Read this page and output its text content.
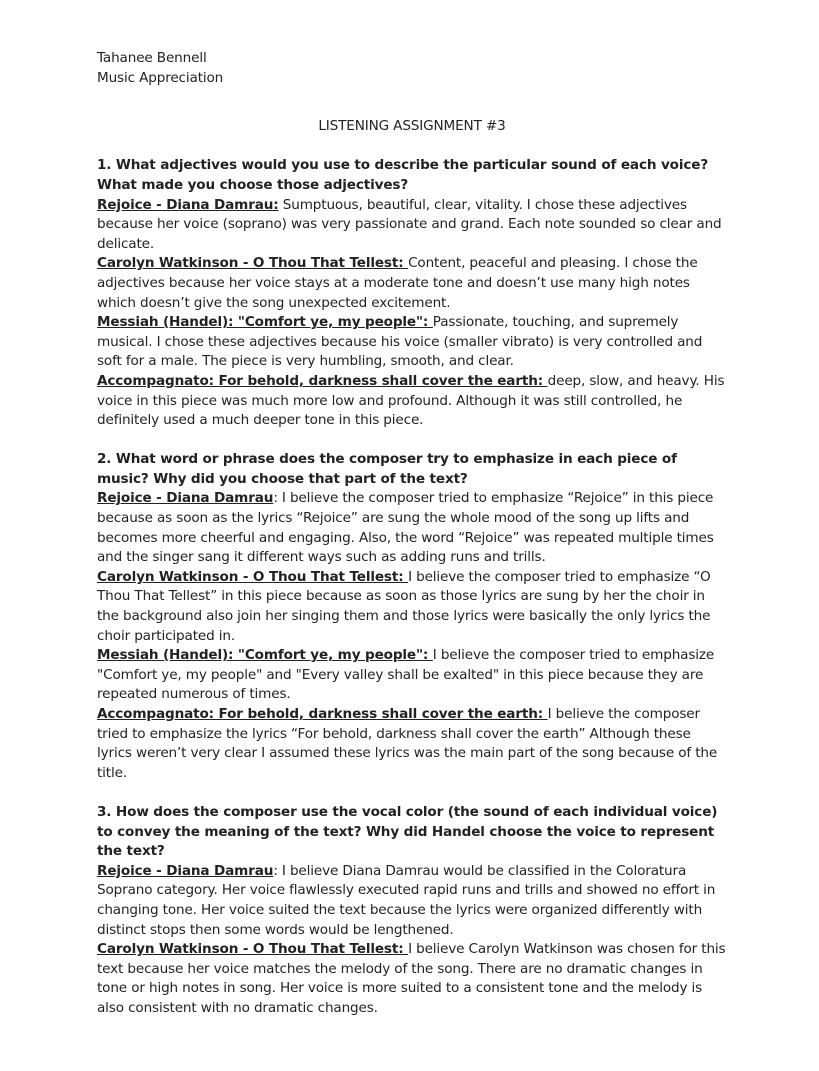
Tahanee Bennell
Music Appreciation
LISTENING ASSIGNMENT #3

1. What adjectives would you use to describe the particular sound of each voice? What made you choose those adjectives?

Rejoice - Diana Damrau: Sumptuous, beautiful, clear, vitality. I chose these adjectives because her voice (soprano) was very passionate and grand. Each note sounded so clear and delicate.

Carolyn Watkinson - O Thou That Tellest: Content, peaceful and pleasing. I chose the adjectives because her voice stays at a moderate tone and doesn’t use many high notes which doesn’t give the song unexpected excitement.

Messiah (Handel): "Comfort ye, my people": Passionate, touching, and supremely musical. I chose these adjectives because his voice (smaller vibrato) is very controlled and soft for a male. The piece is very humbling, smooth, and clear.

Accompagnato: For behold, darkness shall cover the earth: deep, slow, and heavy. His voice in this piece was much more low and profound. Although it was still controlled, he definitely used a much deeper tone in this piece.

2. What word or phrase does the composer try to emphasize in each piece of music? Why did you choose that part of the text?

Rejoice - Diana Damrau: I believe the composer tried to emphasize “Rejoice” in this piece because as soon as the lyrics “Rejoice” are sung the whole mood of the song up lifts and becomes more cheerful and engaging. Also, the word “Rejoice” was repeated multiple times and the singer sang it different ways such as adding runs and trills.

Carolyn Watkinson - O Thou That Tellest: I believe the composer tried to emphasize “O Thou That Tellest” in this piece because as soon as those lyrics are sung by her the choir in the background also join her singing them and those lyrics were basically the only lyrics the choir participated in.

Messiah (Handel): "Comfort ye, my people": I believe the composer tried to emphasize "Comfort ye, my people" and "Every valley shall be exalted" in this piece because they are repeated numerous of times.

Accompagnato: For behold, darkness shall cover the earth: I believe the composer tried to emphasize the lyrics “For behold, darkness shall cover the earth” Although these lyrics weren’t very clear I assumed these lyrics was the main part of the song because of the title.

3. How does the composer use the vocal color (the sound of each individual voice) to convey the meaning of the text? Why did Handel choose the voice to represent the text?

Rejoice - Diana Damrau: I believe Diana Damrau would be classified in the Coloratura Soprano category. Her voice flawlessly executed rapid runs and trills and showed no effort in changing tone. Her voice suited the text because the lyrics were organized differently with distinct stops then some words would be lengthened.

Carolyn Watkinson - O Thou That Tellest: I believe Carolyn Watkinson was chosen for this text because her voice matches the melody of the song. There are no dramatic changes in tone or high notes in song. Her voice is more suited to a consistent tone and the melody is also consistent with no dramatic changes.
